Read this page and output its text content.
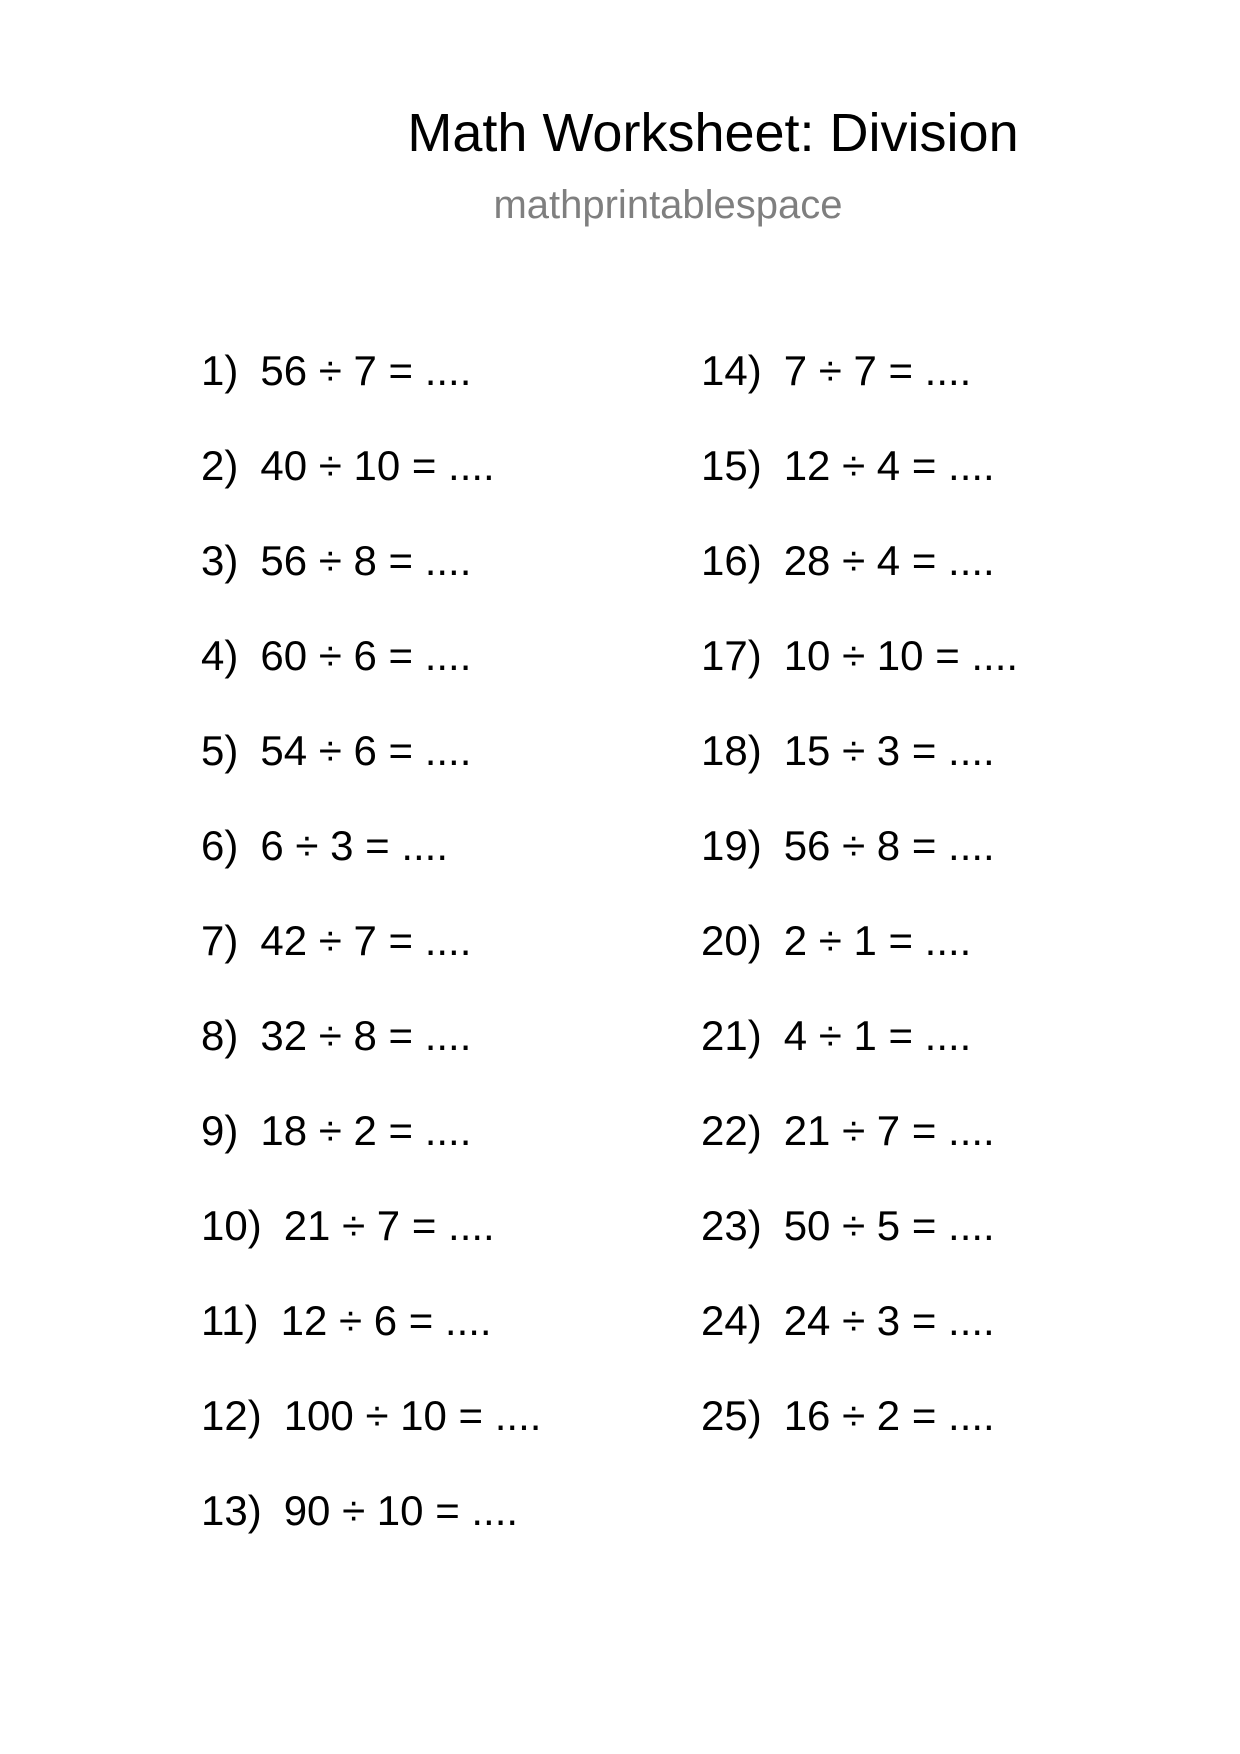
Math Worksheet: Division
mathprintablespace
1) 56 ÷ 7 = ....
2) 40 ÷ 10 = ....
3) 56 ÷ 8 = ....
4) 60 ÷ 6 = ....
5) 54 ÷ 6 = ....
6) 6 ÷ 3 = ....
7) 42 ÷ 7 = ....
8) 32 ÷ 8 = ....
9) 18 ÷ 2 = ....
10) 21 ÷ 7 = ....
11) 12 ÷ 6 = ....
12) 100 ÷ 10 = ....
13) 90 ÷ 10 = ....
14) 7 ÷ 7 = ....
15) 12 ÷ 4 = ....
16) 28 ÷ 4 = ....
17) 10 ÷ 10 = ....
18) 15 ÷ 3 = ....
19) 56 ÷ 8 = ....
20) 2 ÷ 1 = ....
21) 4 ÷ 1 = ....
22) 21 ÷ 7 = ....
23) 50 ÷ 5 = ....
24) 24 ÷ 3 = ....
25) 16 ÷ 2 = ....
